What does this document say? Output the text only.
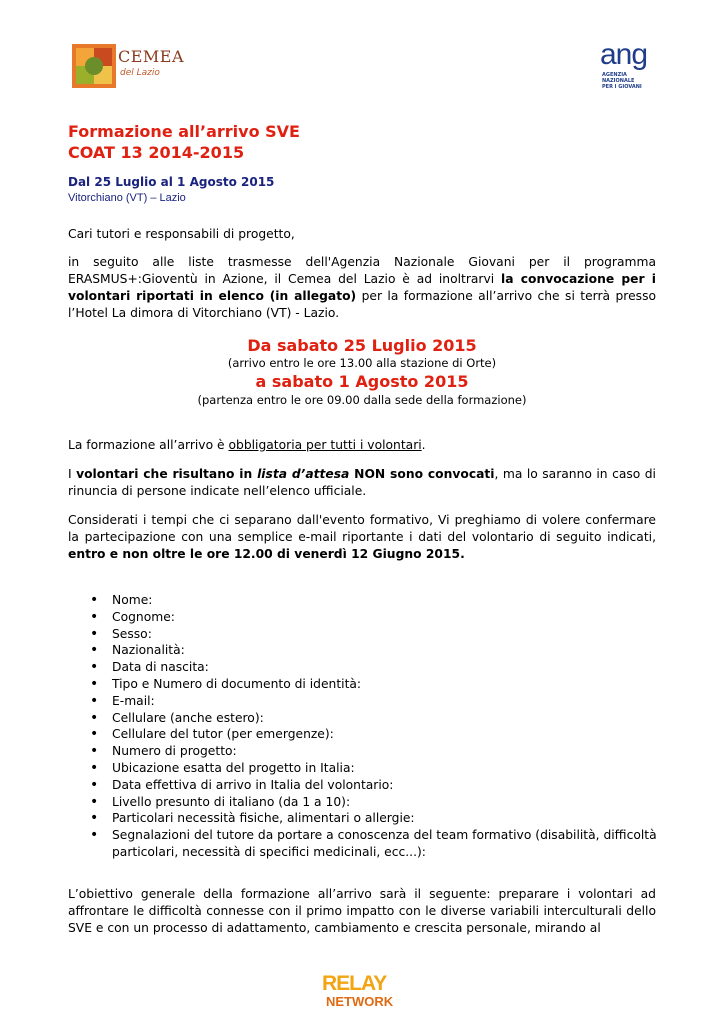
CEMEA
del Lazio
ang
AGENZIA NAZIONALE PER I GIOVANI
Formazione all’arrivo SVE
COAT 13 2014-2015
Dal 25 Luglio al 1 Agosto 2015
Vitorchiano (VT) – Lazio
Cari tutori e responsabili di progetto,
in seguito alle liste trasmesse dell'Agenzia Nazionale Giovani per il programma ERASMUS+:Gioventù in Azione, il Cemea del Lazio è ad inoltrarvi la convocazione per i volontari riportati in elenco (in allegato) per la formazione all’arrivo che si terrà presso l’Hotel La dimora di Vitorchiano (VT) - Lazio.
Da sabato 25 Luglio 2015
(arrivo entro le ore 13.00 alla stazione di Orte)
a sabato 1 Agosto 2015
(partenza entro le ore 09.00 dalla sede della formazione)
La formazione all’arrivo è obbligatoria per tutti i volontari.
I volontari che risultano in lista d’attesa NON sono convocati, ma lo saranno in caso di rinuncia di persone indicate nell’elenco ufficiale.
Considerati i tempi che ci separano dall'evento formativo, Vi preghiamo di volere confermare la partecipazione con una semplice e-mail riportante i dati del volontario di seguito indicati, entro e non oltre le ore 12.00 di venerdì 12 Giugno 2015.
• Nome:
• Cognome:
• Sesso:
• Nazionalità:
• Data di nascita:
• Tipo e Numero di documento di identità:
• E-mail:
• Cellulare (anche estero):
• Cellulare del tutor (per emergenze):
• Numero di progetto:
• Ubicazione esatta del progetto in Italia:
• Data effettiva di arrivo in Italia del volontario:
• Livello presunto di italiano (da 1 a 10):
• Particolari necessità fisiche, alimentari o allergie:
• Segnalazioni del tutore da portare a conoscenza del team formativo (disabilità, difficoltà particolari, necessità di specifici medicinali, ecc...):
L’obiettivo generale della formazione all’arrivo sarà il seguente: preparare i volontari ad affrontare le difficoltà connesse con il primo impatto con le diverse variabili interculturali dello SVE e con un processo di adattamento, cambiamento e crescita personale, mirando al
RELAY
NETWORK
